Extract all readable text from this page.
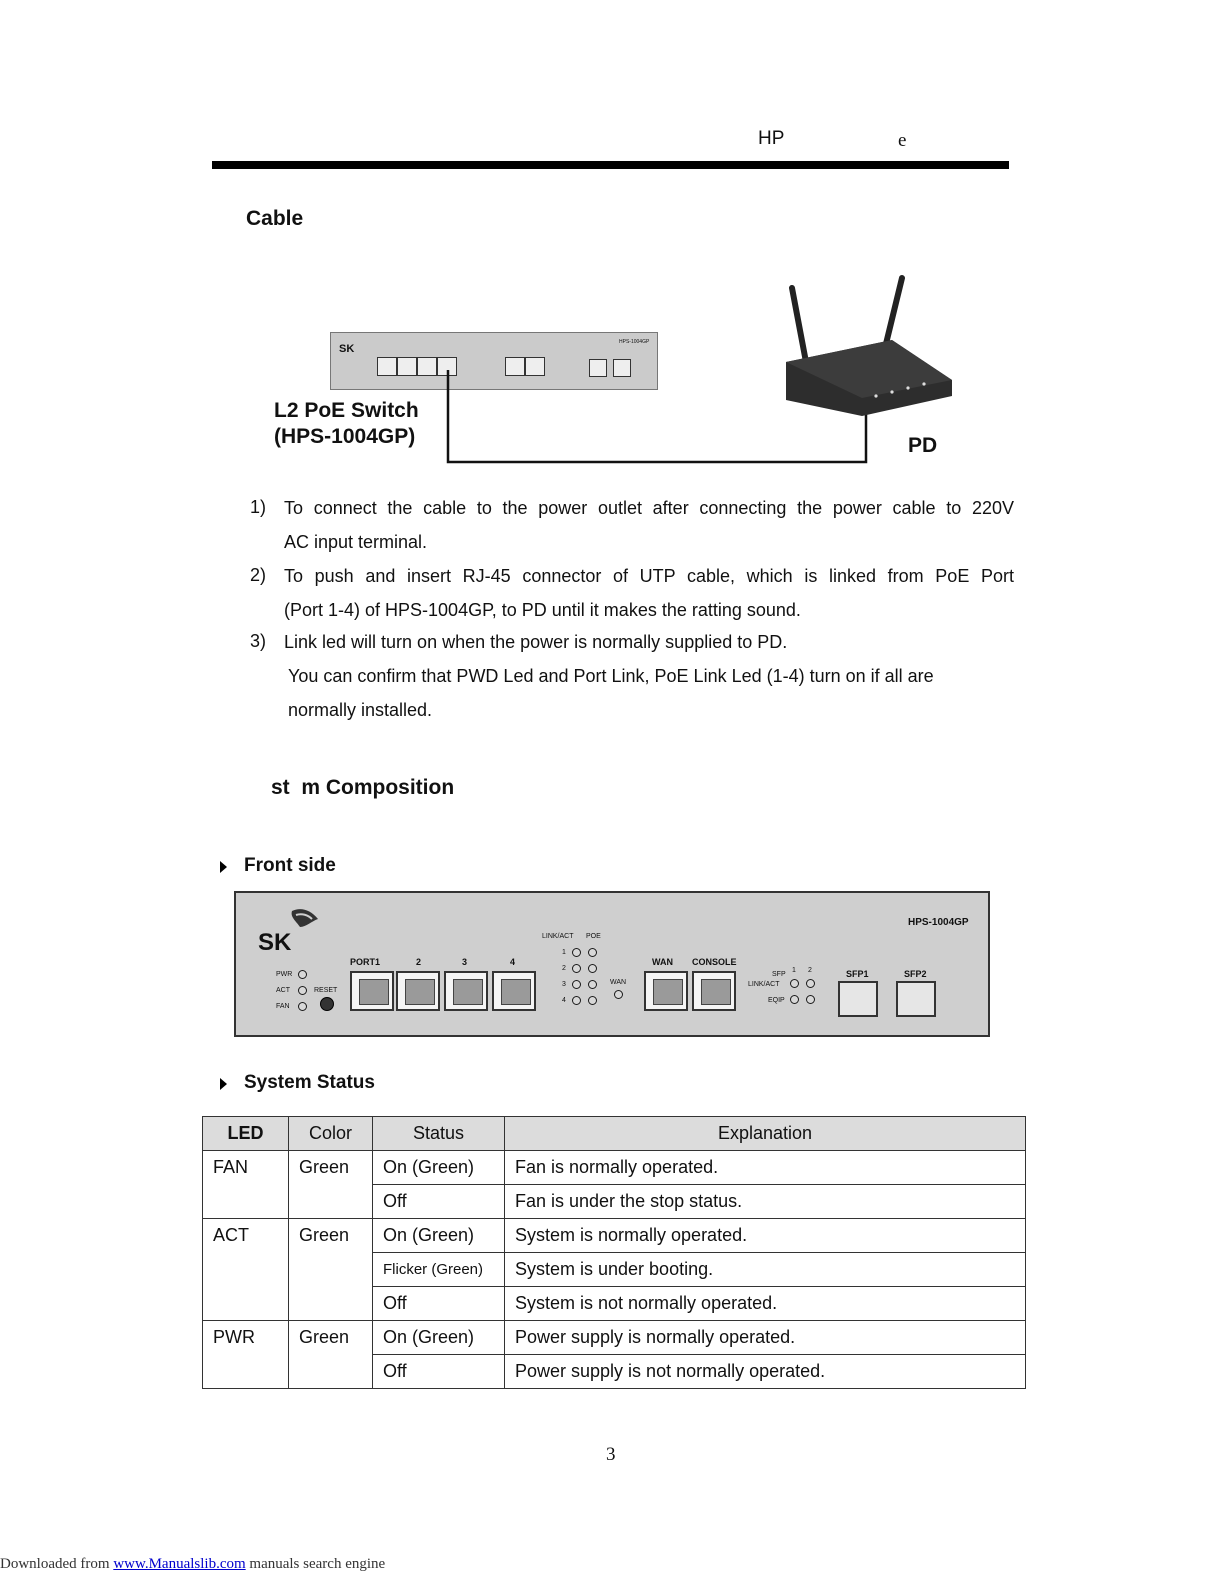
HP	e
Cable
SK
HPS-1004GP
L2 PoE Switch
(HPS-1004GP)	PD
1) To connect the cable to the power outlet after connecting the power cable to 220V
AC input terminal.
2) To push and insert RJ-45 connector of UTP cable, which is linked from PoE Port
(Port 1-4) of HPS-1004GP, to PD until it makes the ratting sound.
3) Link led will turn on when the power is normally supplied to PD.
You can confirm that PWD Led and Port Link, PoE Link Led (1-4) turn on if all are
normally installed.
st  m Composition
Front side
SK
HPS-1004GP
PWR
ACT
FAN
RESET
PORT1	2	3	4
LINK/ACT POE
1
2
3
4
WAN
WAN CONSOLE
SFP
1 2
LINK/ACT
EQIP
SFP1	SFP2
System Status
LED	Color	Status	Explanation
FAN	Green	On (Green)	Fan is normally operated.
		Off	Fan is under the stop status.
ACT	Green	On (Green)	System is normally operated.
		Flicker (Green)	System is under booting.
		Off	System is not normally operated.
PWR	Green	On (Green)	Power supply is normally operated.
		Off	Power supply is not normally operated.
3
Downloaded from www.Manualslib.com manuals search engine
